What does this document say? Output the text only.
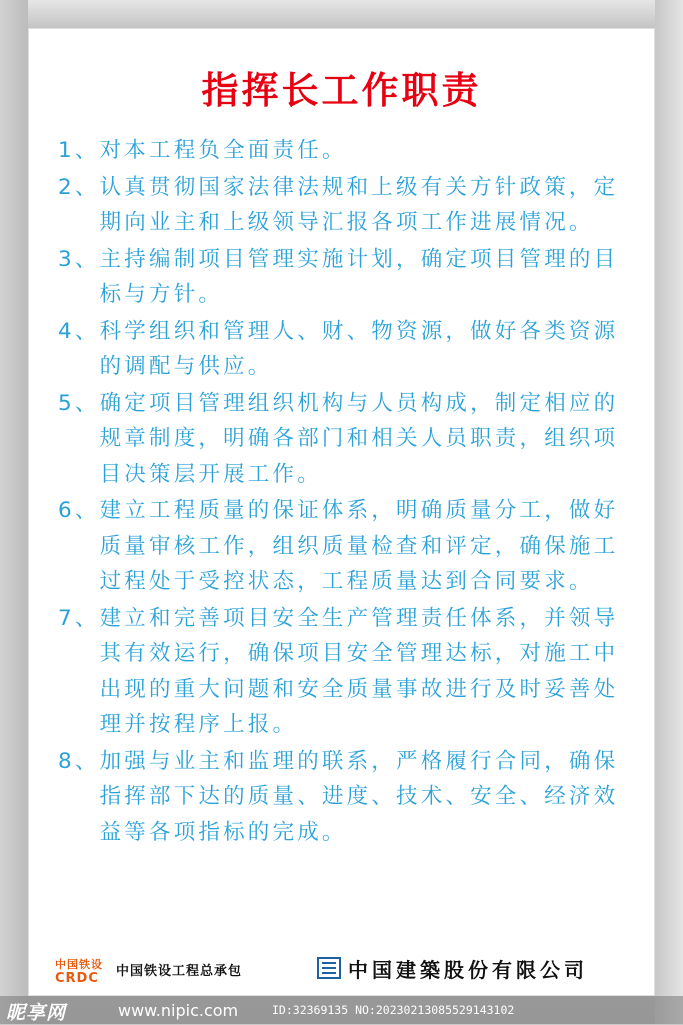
指挥长工作职责
1、 对本工程负全面责任。
2、 认真贯彻国家法律法规和上级有关方针政策，定期向业主和上级领导汇报各项工作进展情况。
3、 主持编制项目管理实施计划，确定项目管理的目标与方针。
4、 科学组织和管理人、财、物资源，做好各类资源的调配与供应。
5、 确定项目管理组织机构与人员构成，制定相应的规章制度，明确各部门和相关人员职责，组织项目决策层开展工作。
6、 建立工程质量的保证体系，明确质量分工，做好质量审核工作，组织质量检查和评定，确保施工过程处于受控状态，工程质量达到合同要求。
7、 建立和完善项目安全生产管理责任体系，并领导其有效运行，确保项目安全管理达标，对施工中出现的重大问题和安全质量事故进行及时妥善处理并按程序上报。
8、 加强与业主和监理的联系，严格履行合同，确保指挥部下达的质量、进度、技术、安全、经济效益等各项指标的完成。
中国铁设
CRDC	中国铁设工程总承包	中国建築股份有限公司
昵享网	www.nipic.com	ID:32369135 NO:20230213085529143102
